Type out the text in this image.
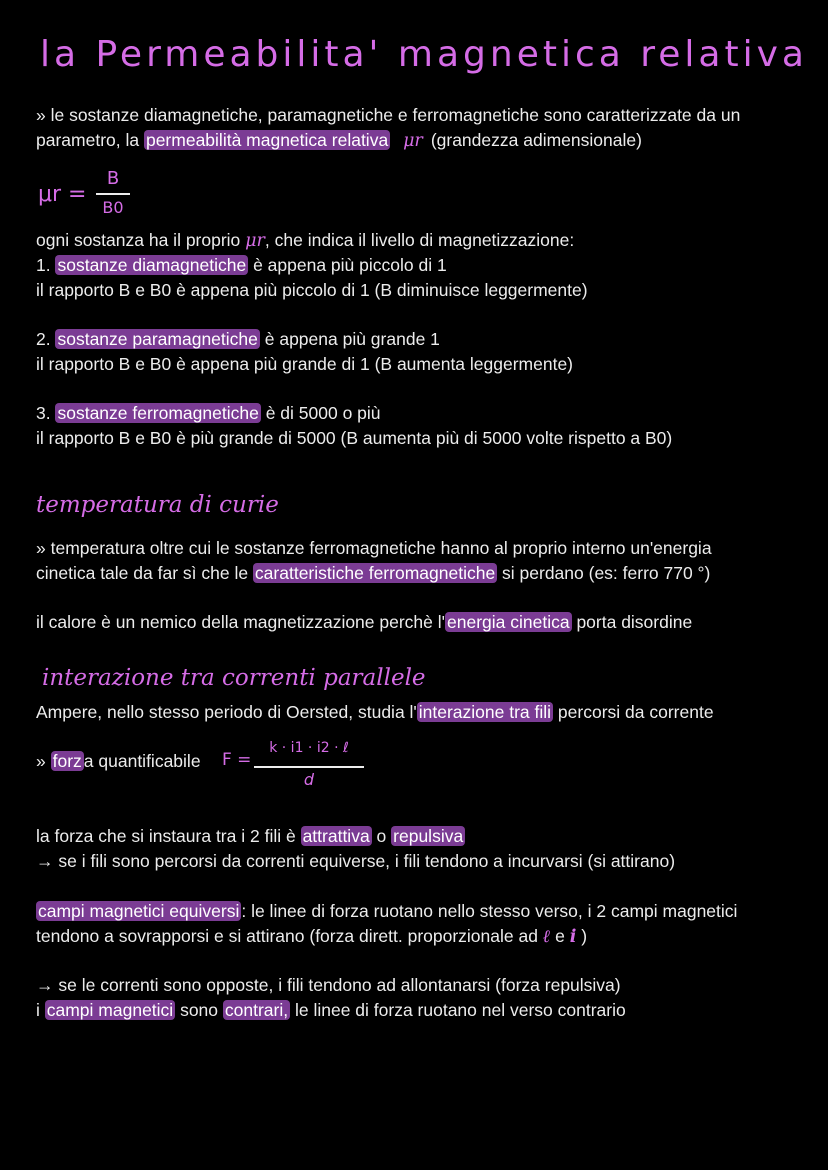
la Permeabilita' magnetica relativa
» le sostanze diamagnetiche, paramagnetiche e ferromagnetiche sono caratterizzate da un
parametro, la permeabilità magnetica relativa μr (grandezza adimensionale)
μr =
B
B0
ogni sostanza ha il proprio μr, che indica il livello di magnetizzazione:
1. sostanze diamagnetiche è appena più piccolo di 1
il rapporto B e B0 è appena più piccolo di 1 (B diminuisce leggermente)
2. sostanze paramagnetiche è appena più grande 1
il rapporto B e B0 è appena più grande di 1 (B aumenta leggermente)
3. sostanze ferromagnetiche è di 5000 o più
il rapporto B e B0 è più grande di 5000 (B aumenta più di 5000 volte rispetto a B0)
temperatura di curie
» temperatura oltre cui le sostanze ferromagnetiche hanno al proprio interno un'energia
cinetica tale da far sì che le caratteristiche ferromagnetiche si perdano (es: ferro 770 °)
il calore è un nemico della magnetizzazione perchè l' energia cinetica porta disordine
interazione tra correnti parallele
Ampere, nello stesso periodo di Oersted, studia l' interazione tra fili percorsi da corrente
» forz a quantificabile F =
k · i1 · i2 · ℓ
d
la forza che si instaura tra i 2 fili è attrattiva o repulsiva
→ se i fili sono percorsi da correnti equiverse, i fili tendono a incurvarsi (si attirano)
campi magnetici equiversi : le linee di forza ruotano nello stesso verso, i 2 campi magnetici
tendono a sovrapporsi e si attirano (forza dirett. proporzionale ad ℓ e i )
→ se le correnti sono opposte, i fili tendono ad allontanarsi (forza repulsiva)
i campi magnetici sono contrari, le linee di forza ruotano nel verso contrario
